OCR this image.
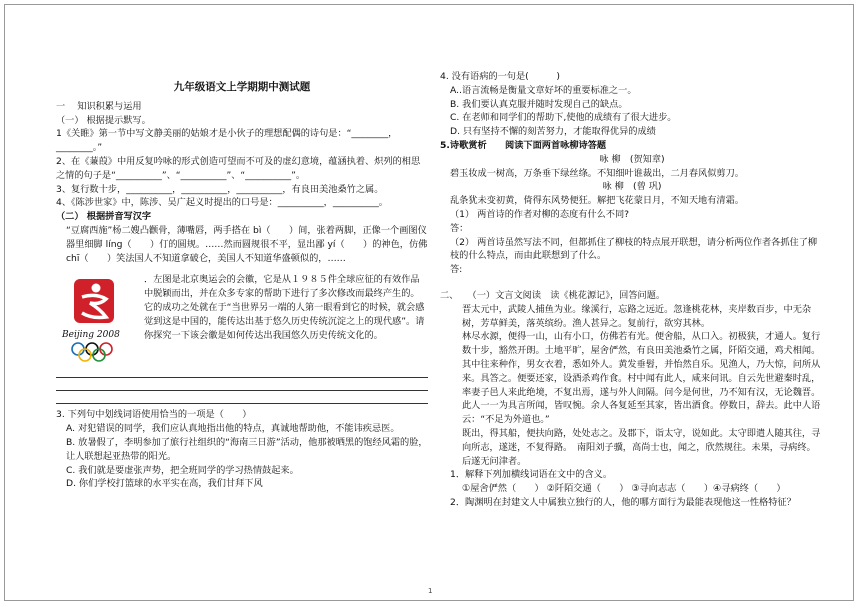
九年级语文上学期期中测试题

一　 知识积累与运用

（一） 根据提示默写。

1《关睢》第一节中写文静美丽的姑娘才是小伙子的理想配偶的诗句是：“________，________。”

2、在《蒹葭》中用反复吟咏的形式创造可望而不可及的虚幻意境，蕴涵执着、炽列的相思之情的句子是“__________”、“__________”、“__________”。

3、复行数十步，__________，__________，__________，有良田美池桑竹之属。

4、《陈涉世家》中，陈涉、吴广起义时提出的口号是：__________，__________。

（二） 根据拼音写汉字

“豆腐西施”杨二嫂凸颧骨，薄嘴唇，两手搭在 bì（　　）间，张着两脚，正像一个画图仪器里细脚 líng（　　）仃的圆规。……然而圆规很不平，显出鄙 yí（　　）的神色，仿佛 chī（　　）笑法国人不知道拿破仑，美国人不知道华盛顿似的，……

Beijing 2008

．左图是北京奥运会的会徽，它是从１９８５件全球应征的有效作品中脱颖而出，并在众多专家的帮助下进行了多次修改而最终产生的。它的成功之处就在于“当世界另一端的人第一眼看到它的时候，就会感觉到这是中国的，能传达出基于悠久历史传统沉淀之上的现代感”。请你探究一下该会徽是如何传达出我国悠久历史传统文化的。

3. 下列句中划线词语使用恰当的一项是（　　）

A. 对犯错误的同学，我们应认真地指出他的特点，真诚地帮助他，不能讳疾忌医。

B. 放暑假了，李明参加了旅行社组织的“海南三日游”活动，他那被晒黑的饱经风霜的脸，让人联想起亚热带的阳光。

C. 我们就是要虚张声势，把全班同学的学习热情鼓起来。

D. 你们学校打篮球的水平实在高，我们甘拜下风

4. 没有语病的一句是(　　　)

A..语言流畅是衡量文章好坏的重要标准之一。

B. 我们要认真克服并随时发现自己的缺点。

C. 在老师和同学们的帮助下,使他的成绩有了很大进步。

D. 只有坚持不懈的刻苦努力，才能取得优异的成绩

5.诗歌赏析　　阅读下面两首咏柳诗答题

咏 柳　(贺知章)

碧玉妆成一树高，万条垂下绿丝绦。不知细叶谁裁出，二月春风似剪刀。

咏 柳　(曾 巩)

乱条犹未变初黄，倚得东风势便狂。解把飞花蒙日月，不知天地有清霜。

（1） 两首诗的作者对柳的态度有什么不同?

答：

（2） 两首诗虽然写法不同，但都抓住了柳枝的特点展开联想，请分析两位作者各抓住了柳枝的什么特点，而由此联想到了什么。

答:

二、　　（一）文言文阅读　读《桃花源记》，回答问题。

晋太元中，武陵人捕鱼为业。缘溪行，忘路之远近。忽逢桃花林，夹岸数百步，中无杂树，芳草鲜美，落英缤纷。渔人甚异之。复前行，欲穷其林。

林尽水源，便得一山，山有小口，仿佛若有光。便舍船，从口入。初极狭，才通人。复行数十步，豁然开朗。土地平旷，屋舍俨然，有良田美池桑竹之属，阡陌交通，鸡犬相闻。其中往来种作，男女衣着，悉如外人。黄发垂髫，并怡然自乐。见渔人，乃大惊，问所从来。具答之。便要还家，设酒杀鸡作食。村中闻有此人，咸来问讯。自云先世避秦时乱，率妻子邑人来此绝境，不复出焉，遂与外人间隔。问今是何世，乃不知有汉，无论魏晋。此人一一为具言所闻，皆叹惋。余人各复延至其家，皆出酒食。停数日，辞去。此中人语云：“不足为外道也。”

既出，得其船，便扶向路，处处志之。及郡下，诣太守，说如此。太守即遣人随其往，寻向所志，遂迷，不复得路。　南阳刘子骥，高尚士也，闻之，欣然规往。未果，寻病终。后遂无问津者。

1．解释下列加横线词语在文中的含义。

①屋舍俨然（　　） ②阡陌交通（　　） ③寻向志志（　　）④寻病终（　　）

2．陶渊明在封建文人中属独立独行的人，他的哪方面行为最能表现他这一性格特征？

1
